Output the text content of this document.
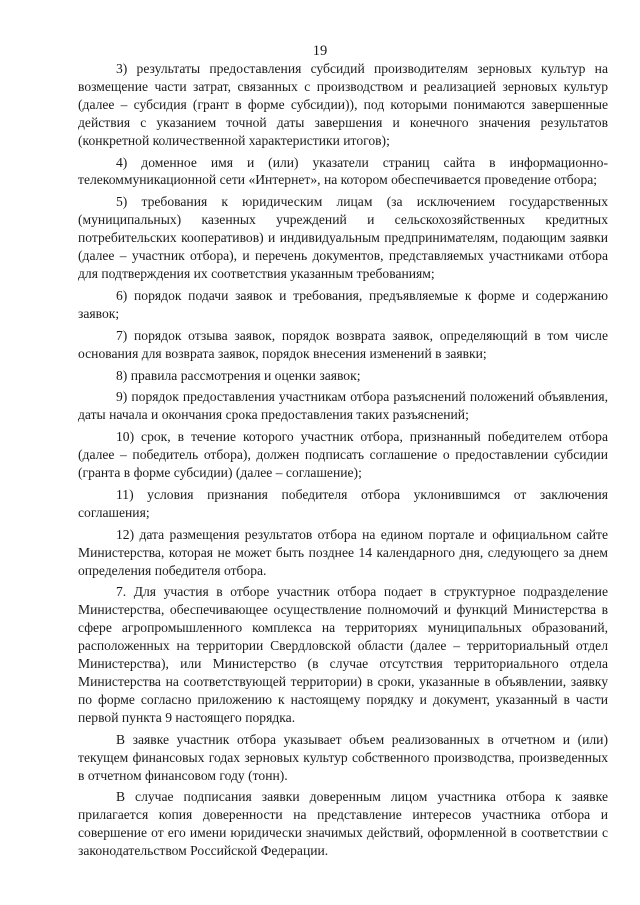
19

3) результаты предоставления субсидий производителям зерновых культур на возмещение части затрат, связанных с производством и реализацией зерновых культур (далее – субсидия (грант в форме субсидии)), под которыми понимаются завершенные действия с указанием точной даты завершения и конечного значения результатов (конкретной количественной характеристики итогов);

4) доменное имя и (или) указатели страниц сайта в информационно-телекоммуникационной сети «Интернет», на котором обеспечивается проведение отбора;

5) требования к юридическим лицам (за исключением государственных (муниципальных) казенных учреждений и сельскохозяйственных кредитных потребительских кооперативов) и индивидуальным предпринимателям, подающим заявки (далее – участник отбора), и перечень документов, представляемых участниками отбора для подтверждения их соответствия указанным требованиям;

6) порядок подачи заявок и требования, предъявляемые к форме и содержанию заявок;

7) порядок отзыва заявок, порядок возврата заявок, определяющий в том числе основания для возврата заявок, порядок внесения изменений в заявки;

8) правила рассмотрения и оценки заявок;

9) порядок предоставления участникам отбора разъяснений положений объявления, даты начала и окончания срока предоставления таких разъяснений;

10) срок, в течение которого участник отбора, признанный победителем отбора (далее – победитель отбора), должен подписать соглашение о предоставлении субсидии (гранта в форме субсидии) (далее – соглашение);

11) условия признания победителя отбора уклонившимся от заключения соглашения;

12) дата размещения результатов отбора на едином портале и официальном сайте Министерства, которая не может быть позднее 14 календарного дня, следующего за днем определения победителя отбора.

7. Для участия в отборе участник отбора подает в структурное подразделение Министерства, обеспечивающее осуществление полномочий и функций Министерства в сфере агропромышленного комплекса на территориях муниципальных образований, расположенных на территории Свердловской области (далее – территориальный отдел Министерства), или Министерство (в случае отсутствия территориального отдела Министерства на соответствующей территории) в сроки, указанные в объявлении, заявку по форме согласно приложению к настоящему порядку и документ, указанный в части первой пункта 9 настоящего порядка.

В заявке участник отбора указывает объем реализованных в отчетном и (или) текущем финансовых годах зерновых культур собственного производства, произведенных в отчетном финансовом году (тонн).

В случае подписания заявки доверенным лицом участника отбора к заявке прилагается копия доверенности на представление интересов участника отбора и совершение от его имени юридически значимых действий, оформленной в соответствии с законодательством Российской Федерации.
